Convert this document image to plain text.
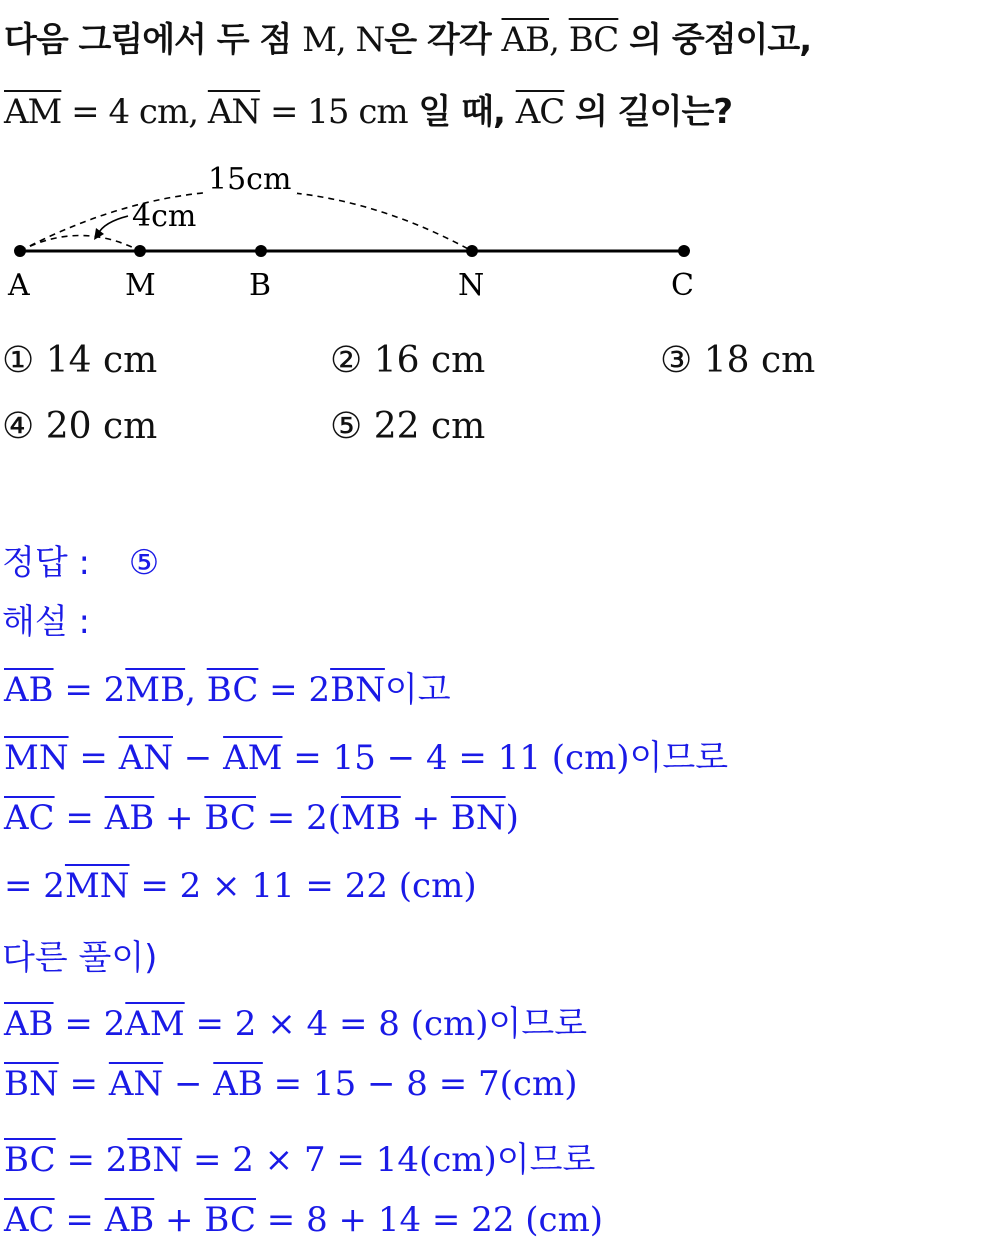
다음 그림에서 두 점 M, N은 각각 $\overline{AB}$, $\overline{BC}$ 의 중점이고,
$\overline{AM} = 4$ cm, $\overline{AN} = 15$ cm 일 때, $\overline{AC}$ 의 길이는?
15cm
4cm
A	M	B	N	C
① 14 cm	② 16 cm	③ 18 cm
④ 20 cm	⑤ 22 cm
정답 : ⑤
해설 :
$\overline{AB} = 2\overline{MB}$, $\overline{BC} = 2\overline{BN}$이고
$\overline{MN} = \overline{AN} - \overline{AM} = 15 - 4 = 11$ (cm)이므로
$\overline{AC} = \overline{AB} + \overline{BC} = 2(\overline{MB} + \overline{BN})$
= $2\overline{MN} = 2 \times 11 = 22$ (cm)
다른 풀이)
$\overline{AB} = 2\overline{AM} = 2 \times 4 = 8$ (cm)이므로
$\overline{BN} = \overline{AN} - \overline{AB} = 15 - 8 = 7(cm)$
$\overline{BC} = 2\overline{BN} = 2 \times 7 = 14(cm)$이므로
$\overline{AC} = \overline{AB} + \overline{BC} = 8 + 14 = 22$ (cm)
